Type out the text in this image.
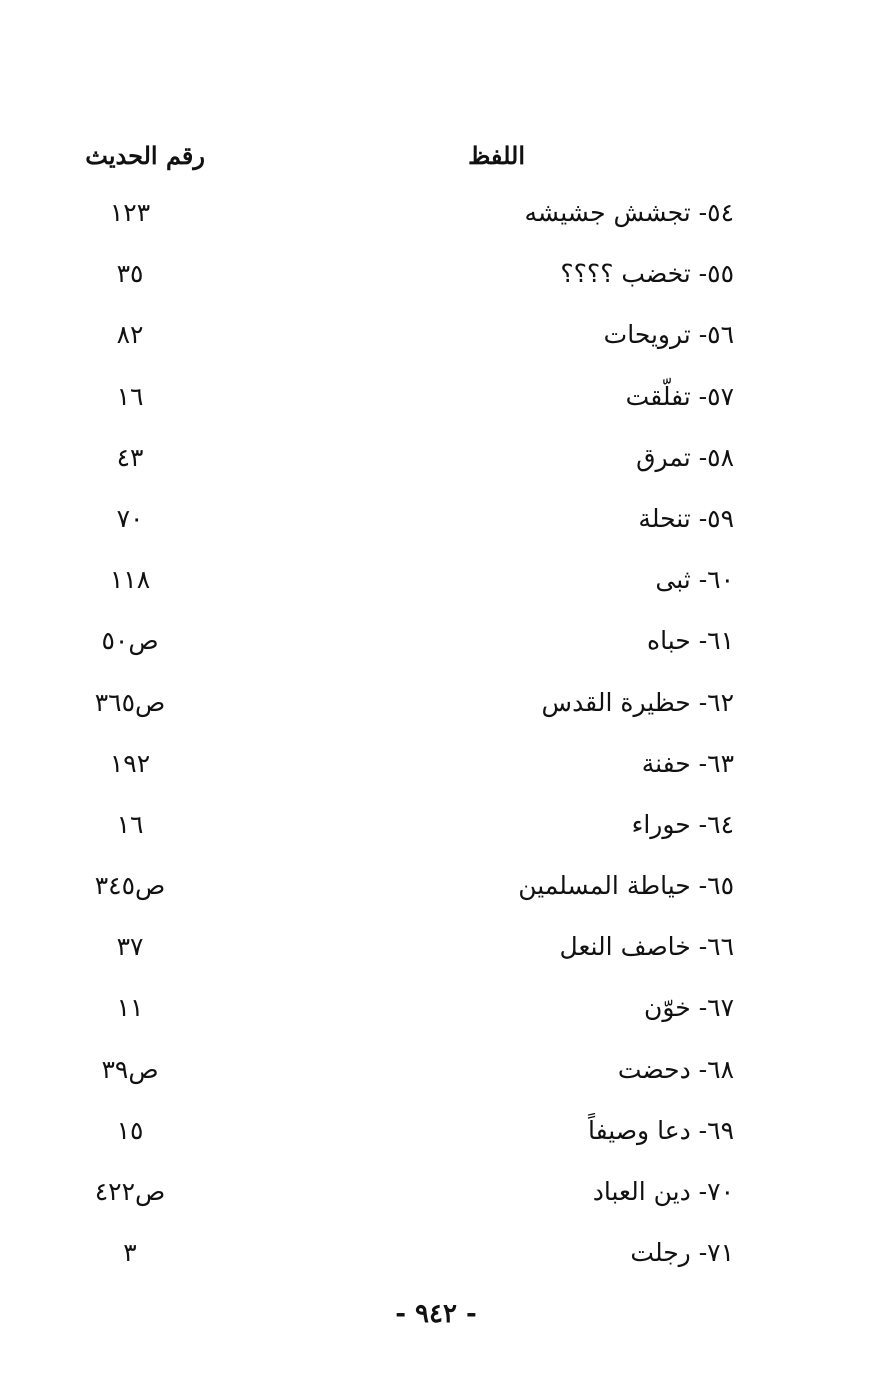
اللفظ
رقم الحديث
٥٤- تجشش جشيشه
١٢٣
٥٥- تخضب ؟؟؟؟
٣٥
٥٦- ترويحات
٨٢
٥٧- تفلّقت
١٦
٥٨- تمرق
٤٣
٥٩- تنحلة
٧٠
٦٠- ثبى
١١٨
٦١- حباه
ص٥٠
٦٢- حظيرة القدس
ص٣٦٥
٦٣- حفنة
١٩٢
٦٤- حوراء
١٦
٦٥- حياطة المسلمين
ص٣٤٥
٦٦- خاصف النعل
٣٧
٦٧- خوّن
١١
٦٨- دحضت
ص٣٩
٦٩- دعا وصيفاً
١٥
٧٠- دين العباد
ص٤٢٢
٧١- رجلت
٣
- ٩٤٢ -
